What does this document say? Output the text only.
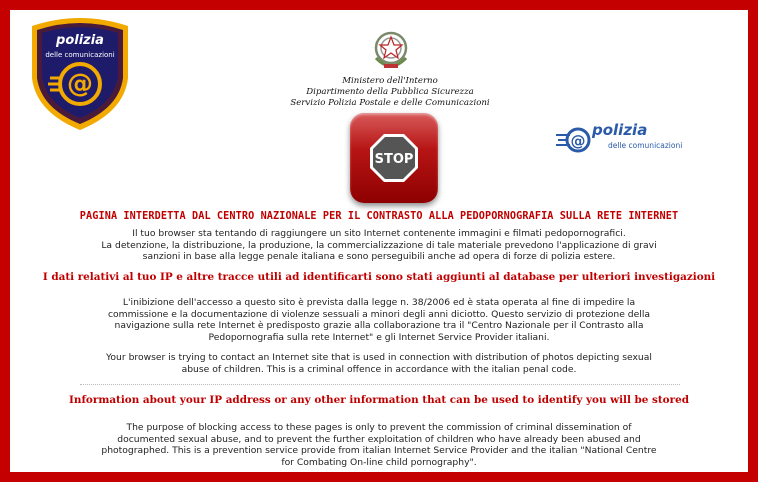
@
polizia
delle comunicazioni
Ministero dell'Interno
Dipartimento della Pubblica Sicurezza
Servizio Polizia Postale e delle Comunicazioni
STOP
@
polizia
delle comunicazioni
PAGINA INTERDETTA DAL CENTRO NAZIONALE PER IL CONTRASTO ALLA PEDOPORNOGRAFIA SULLA RETE INTERNET
Il tuo browser sta tentando di raggiungere un sito Internet contenente immagini e filmati pedopornografici.
La detenzione, la distribuzione, la produzione, la commercializzazione di tale materiale prevedono l'applicazione di gravi
sanzioni in base alla legge penale italiana e sono perseguibili anche ad opera di forze di polizia estere.
I dati relativi al tuo IP e altre tracce utili ad identificarti sono stati aggiunti al database per ulteriori investigazioni
L'inibizione dell'accesso a questo sito è prevista dalla legge n. 38/2006 ed è stata operata al fine di impedire la
commissione e la documentazione di violenze sessuali a minori degli anni diciotto. Questo servizio di protezione della
navigazione sulla rete Internet è predisposto grazie alla collaborazione tra il "Centro Nazionale per il Contrasto alla
Pedopornografia sulla rete Internet" e gli Internet Service Provider italiani.
Your browser is trying to contact an Internet site that is used in connection with distribution of photos depicting sexual
abuse of children. This is a criminal offence in accordance with the italian penal code.
Information about your IP address or any other information that can be used to identify you will be stored
The purpose of blocking access to these pages is only to prevent the commission of criminal dissemination of
documented sexual abuse, and to prevent the further exploitation of children who have already been abused and
photographed. This is a prevention service provide from italian Internet Service Provider and the italian "National Centre
for Combating On-line child pornography".
